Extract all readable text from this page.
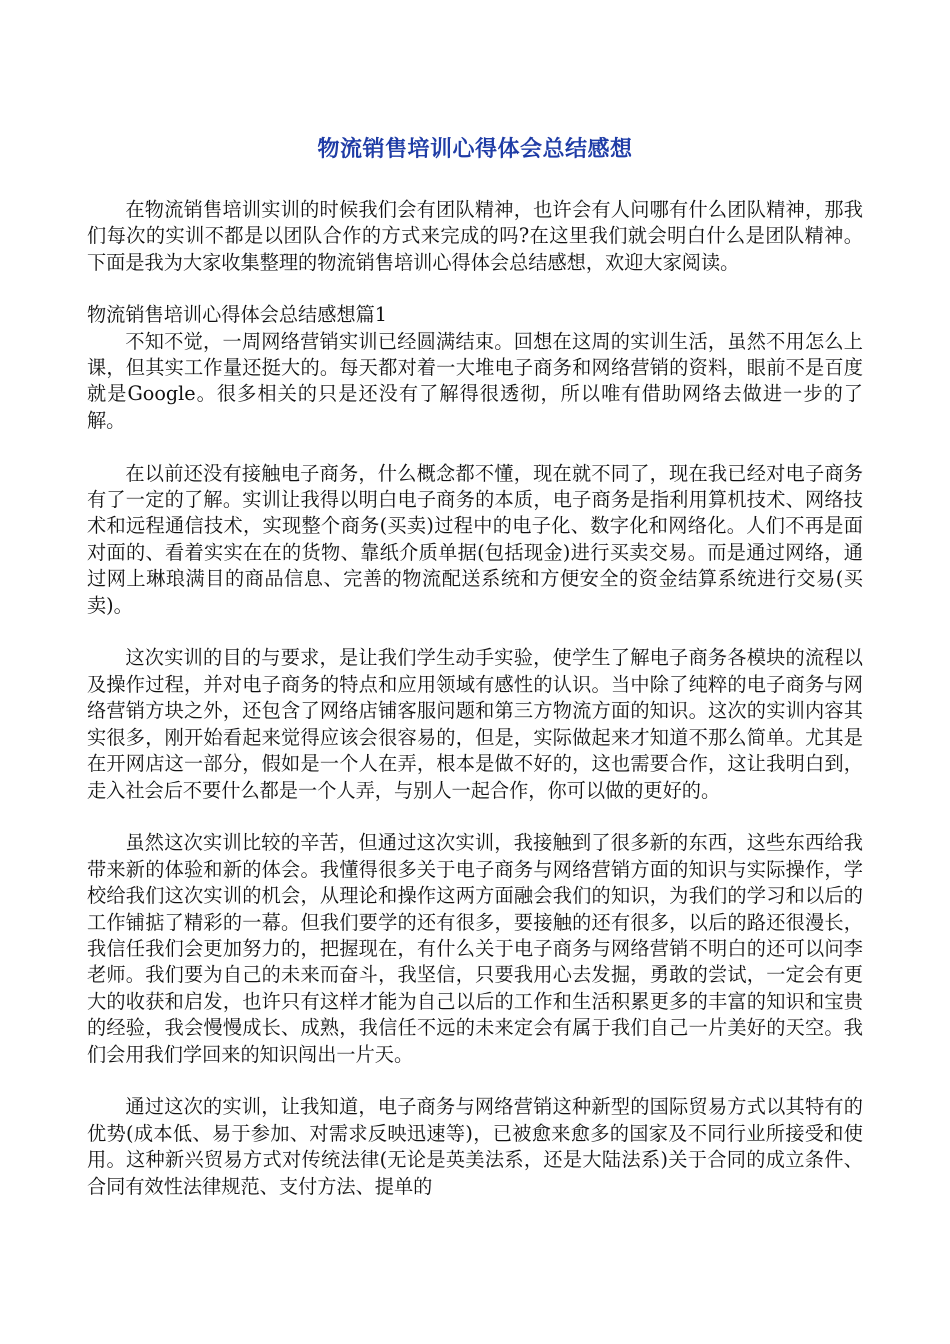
物流销售培训心得体会总结感想

在物流销售培训实训的时候我们会有团队精神，也许会有人问哪有什么团队精神，那我们每次的实训不都是以团队合作的方式来完成的吗?在这里我们就会明白什么是团队精神。下面是我为大家收集整理的物流销售培训心得体会总结感想，欢迎大家阅读。

物流销售培训心得体会总结感想篇1

不知不觉，一周网络营销实训已经圆满结束。回想在这周的实训生活，虽然不用怎么上课，但其实工作量还挺大的。每天都对着一大堆电子商务和网络营销的资料，眼前不是百度就是Google。很多相关的只是还没有了解得很透彻，所以唯有借助网络去做进一步的了解。

在以前还没有接触电子商务，什么概念都不懂，现在就不同了，现在我已经对电子商务有了一定的了解。实训让我得以明白电子商务的本质，电子商务是指利用算机技术、网络技术和远程通信技术，实现整个商务(买卖)过程中的电子化、数字化和网络化。人们不再是面对面的、看着实实在在的货物、靠纸介质单据(包括现金)进行买卖交易。而是通过网络，通过网上琳琅满目的商品信息、完善的物流配送系统和方便安全的资金结算系统进行交易(买卖)。

这次实训的目的与要求，是让我们学生动手实验，使学生了解电子商务各模块的流程以及操作过程，并对电子商务的特点和应用领域有感性的认识。当中除了纯粹的电子商务与网络营销方块之外，还包含了网络店铺客服问题和第三方物流方面的知识。这次的实训内容其实很多，刚开始看起来觉得应该会很容易的，但是，实际做起来才知道不那么简单。尤其是在开网店这一部分，假如是一个人在弄，根本是做不好的，这也需要合作，这让我明白到，走入社会后不要什么都是一个人弄，与别人一起合作，你可以做的更好的。

虽然这次实训比较的辛苦，但通过这次实训，我接触到了很多新的东西，这些东西给我带来新的体验和新的体会。我懂得很多关于电子商务与网络营销方面的知识与实际操作，学校给我们这次实训的机会，从理论和操作这两方面融会我们的知识，为我们的学习和以后的工作铺掂了精彩的一幕。但我们要学的还有很多，要接触的还有很多，以后的路还很漫长，我信任我们会更加努力的，把握现在，有什么关于电子商务与网络营销不明白的还可以问李老师。我们要为自己的未来而奋斗，我坚信，只要我用心去发掘，勇敢的尝试，一定会有更大的收获和启发，也许只有这样才能为自己以后的工作和生活积累更多的丰富的知识和宝贵的经验，我会慢慢成长、成熟，我信任不远的未来定会有属于我们自己一片美好的天空。我们会用我们学回来的知识闯出一片天。

通过这次的实训，让我知道，电子商务与网络营销这种新型的国际贸易方式以其特有的优势(成本低、易于参加、对需求反映迅速等)，已被愈来愈多的国家及不同行业所接受和使用。这种新兴贸易方式对传统法律(无论是英美法系，还是大陆法系)关于合同的成立条件、合同有效性法律规范、支付方法、提单的
